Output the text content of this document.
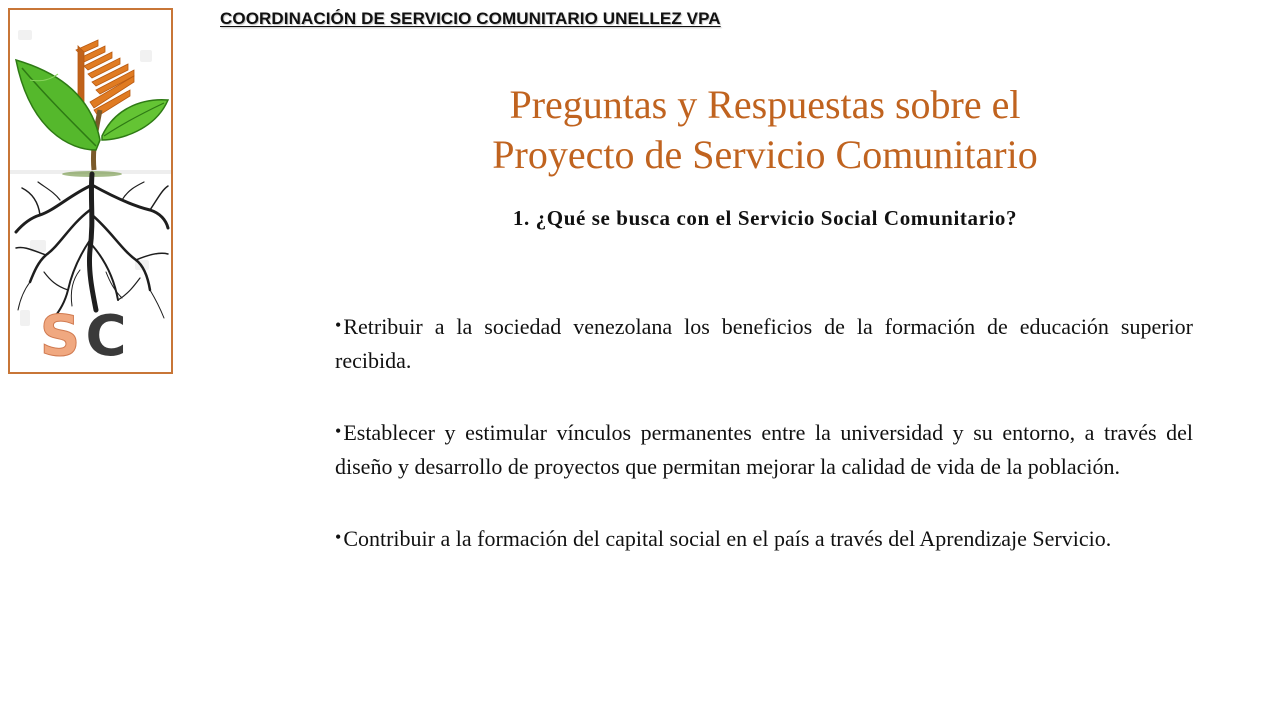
COORDINACIÓN DE SERVICIO COMUNITARIO UNELLEZ VPA
S C
Preguntas y Respuestas sobre el
Proyecto de Servicio Comunitario
1. ¿Qué se busca con el Servicio Social Comunitario?
•Retribuir a la sociedad venezolana los beneficios de la formación de educación superior recibida.
•Establecer y estimular vínculos permanentes entre la universidad y su entorno, a través del diseño y desarrollo de proyectos que permitan mejorar la calidad de vida de la población.
•Contribuir a la formación del capital social en el país a través del Aprendizaje Servicio.
